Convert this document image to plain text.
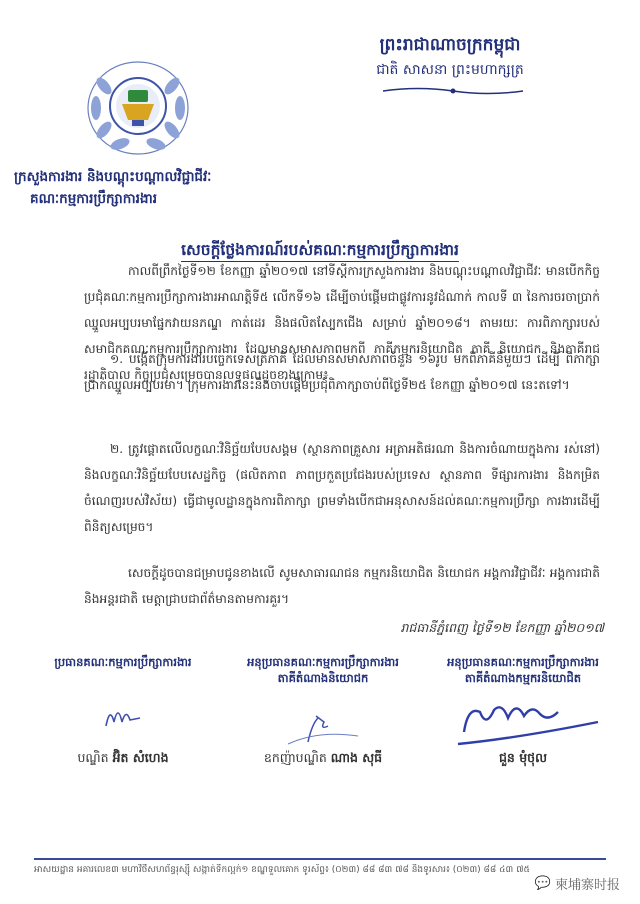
ព្រះរាជាណាចក្រកម្ពុជា
ជាតិ សាសនា ព្រះមហាក្សត្រ
ក្រសួងការងារ និងបណ្តុះបណ្តាលវិជ្ជាជីវៈ
គណៈកម្មការប្រឹក្សាការងារ
សេចក្តីថ្លែងការណ៍របស់គណៈកម្មការប្រឹក្សាការងារ
កាលពីព្រឹកថ្ងៃទី១២ ខែកញ្ញា ឆ្នាំ២០១៧ នៅទីស្តីការក្រសួងការងារ និងបណ្តុះបណ្តាលវិជ្ជាជីវៈ មានបើកកិច្ចប្រជុំគណៈកម្មការប្រឹក្សាការងារអាណត្តិទី៥ លើកទី១៦ ដើម្បីចាប់ផ្តើមជាផ្លូវការនូវដំណាក់ កាលទី ៣ នៃការចរចាប្រាក់ឈ្នួលអប្បបរមាផ្នែកវាយនភណ្ឌ កាត់ដេរ និងផលិតស្បែកជើង សម្រាប់ ឆ្នាំ២០១៨។ តាមរយៈ ការពិភាក្សារបស់សមាជិកគណៈកម្មការប្រឹក្សាការងារ ដែលមានសមាសភាពមកពី ភាគីកម្មករនិយោជិត ភាគី និយោជក និងភាគីរាជរដ្ឋាភិបាល កិច្ចប្រជុំសម្រេចបានលទ្ធផលដូចខាងក្រោម៖
១. បង្កើតក្រុមការងារបច្ចេកទេសត្រីភាគី ដែលមានសមាសភាពចំនួន ១៦រូប មកពីភាគីនីមួយៗ ដើម្បី ពិភាក្សាប្រាក់ឈ្នួលអប្បបរមា។ ក្រុមការងារនេះនឹងចាប់ផ្តើមប្រជុំពិភាក្សាចាប់ពីថ្ងៃទី២៥ ខែកញ្ញា ឆ្នាំ២០១៧ នេះតទៅ។
២. ត្រូវផ្តោតលើលក្ខណៈវិនិច្ឆ័យបែបសង្គម (ស្ថានភាពគ្រួសារ អត្រាអតិផរណា និងការចំណាយក្នុងការ រស់នៅ) និងលក្ខណៈវិនិច្ឆ័យបែបសេដ្ឋកិច្ច (ផលិតភាព ភាពប្រកួតប្រជែងរបស់ប្រទេស ស្ថានភាព ទីផ្សារការងារ និងកម្រិតចំណេញរបស់វិស័យ) ធ្វើជាមូលដ្ឋានក្នុងការពិភាក្សា ព្រមទាំងបើកជាអនុសាសន៍ដល់គណៈកម្មការប្រឹក្សា ការងារដើម្បីពិនិត្យសម្រេច។
សេចក្តីដូចបានជម្រាបជូនខាងលើ សូមសាធារណជន កម្មករនិយោជិត និយោជក អង្គការវិជ្ជាជីវៈ អង្គការជាតិ និងអន្តរជាតិ មេត្តាជ្រាបជាព័ត៌មានតាមការគួរ។
រាជធានីភ្នំពេញ ថ្ងៃទី១២ ខែកញ្ញា ឆ្នាំ២០១៧
ប្រធានគណៈកម្មការប្រឹក្សាការងារ
បណ្ឌិត អ៊ិត សំហេង
អនុប្រធានគណៈកម្មការប្រឹក្សាការងារ
តាគីតំណាងនិយោជក
ឧកញ៉ាបណ្ឌិត ណាង សុធី
អនុប្រធានគណៈកម្មការប្រឹក្សាការងារ
តាគីតំណាងកម្មករនិយោជិត
ជួន មុំថុល
អាសយដ្ឋាន អគារលេខ៣ មហាវិថីសហព័ន្ធរុស្ស៊ី សង្កាត់ទឹកល្អក់១ ខណ្ឌទួលគោក ទូរស័ព្ទ៖ (០២៣) ៨៨ ៨៣ ៧៨ និងទូរសារ៖ (០២៣) ៨៨ ៤៣ ៧៥
💬 柬埔寨时报
